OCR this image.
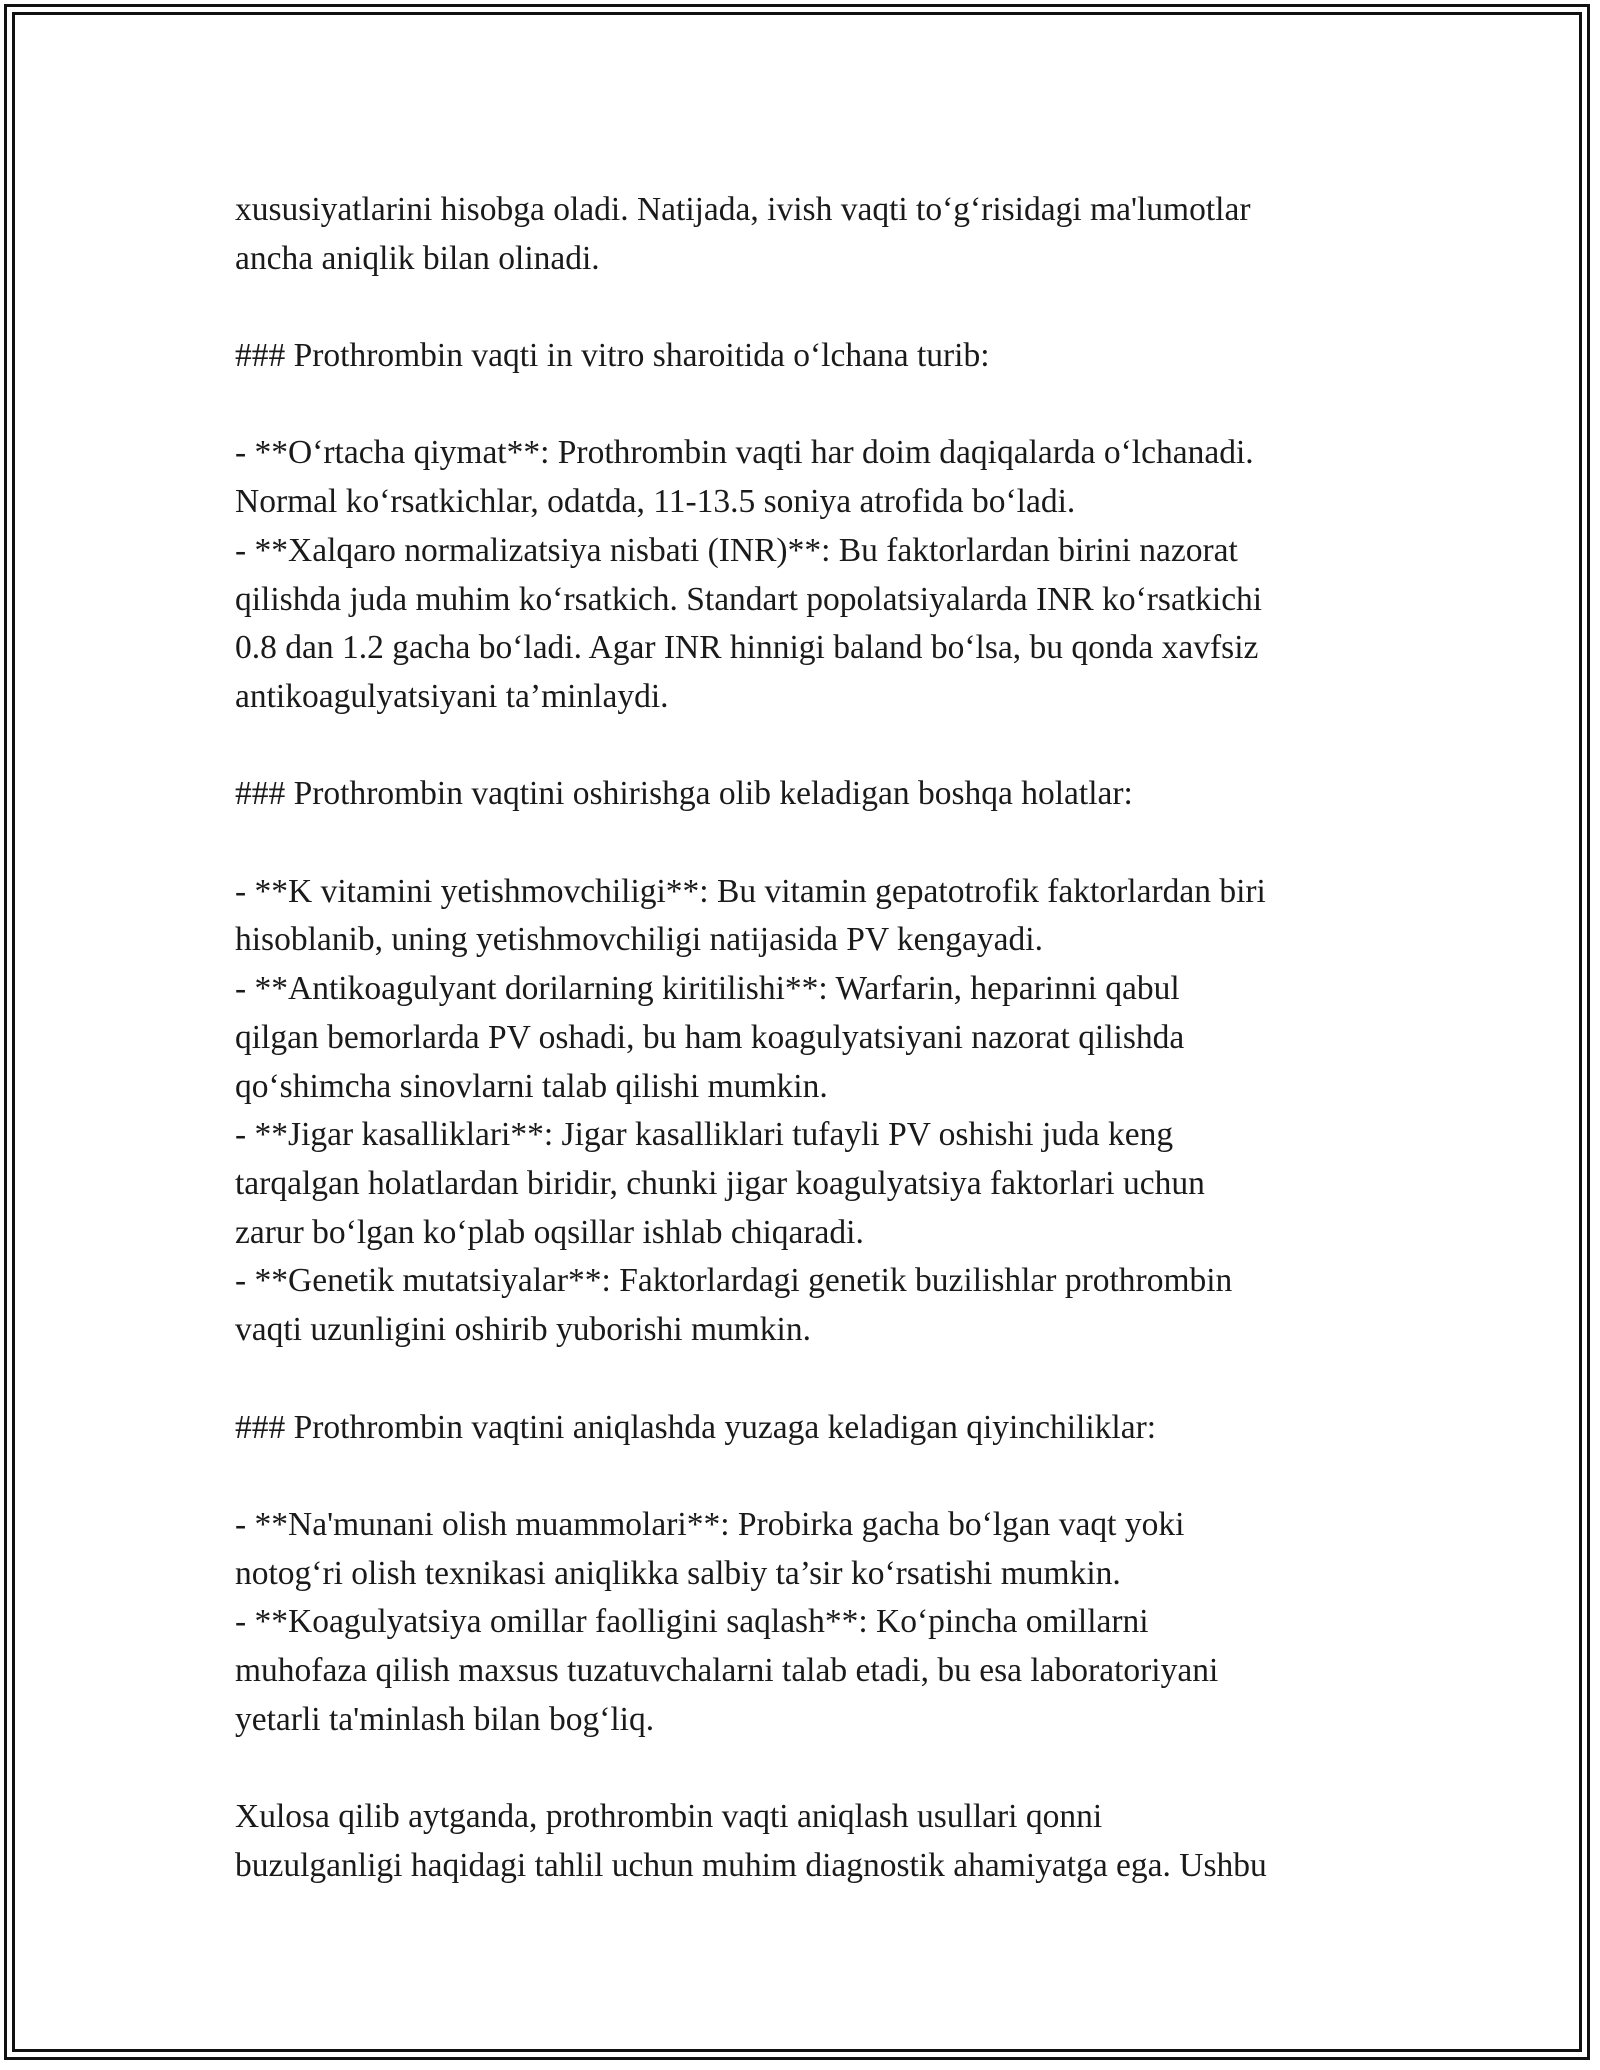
xususiyatlarini hisobga oladi. Natijada, ivish vaqti to‘g‘risidagi ma'lumotlar

ancha aniqlik bilan olinadi.

### Prothrombin vaqti in vitro sharoitida o‘lchana turib:

- **O‘rtacha qiymat**: Prothrombin vaqti har doim daqiqalarda o‘lchanadi.

Normal ko‘rsatkichlar, odatda, 11-13.5 soniya atrofida bo‘ladi.

- **Xalqaro normalizatsiya nisbati (INR)**: Bu faktorlardan birini nazorat

qilishda juda muhim ko‘rsatkich. Standart popolatsiyalarda INR ko‘rsatkichi

0.8 dan 1.2 gacha bo‘ladi. Agar INR hinnigi baland bo‘lsa, bu qonda xavfsiz

antikoagulyatsiyani ta’minlaydi.

### Prothrombin vaqtini oshirishga olib keladigan boshqa holatlar:

- **K vitamini yetishmovchiligi**: Bu vitamin gepatotrofik faktorlardan biri

hisoblanib, uning yetishmovchiligi natijasida PV kengayadi.

- **Antikoagulyant dorilarning kiritilishi**: Warfarin, heparinni qabul

qilgan bemorlarda PV oshadi, bu ham koagulyatsiyani nazorat qilishda

qo‘shimcha sinovlarni talab qilishi mumkin.

- **Jigar kasalliklari**: Jigar kasalliklari tufayli PV oshishi juda keng

tarqalgan holatlardan biridir, chunki jigar koagulyatsiya faktorlari uchun

zarur bo‘lgan ko‘plab oqsillar ishlab chiqaradi.

- **Genetik mutatsiyalar**: Faktorlardagi genetik buzilishlar prothrombin

vaqti uzunligini oshirib yuborishi mumkin.

### Prothrombin vaqtini aniqlashda yuzaga keladigan qiyinchiliklar:

- **Na'munani olish muammolari**: Probirka gacha bo‘lgan vaqt yoki

notog‘ri olish texnikasi aniqlikka salbiy ta’sir ko‘rsatishi mumkin.

- **Koagulyatsiya omillar faolligini saqlash**: Ko‘pincha omillarni

muhofaza qilish maxsus tuzatuvchalarni talab etadi, bu esa laboratoriyani

yetarli ta'minlash bilan bog‘liq.

Xulosa qilib aytganda, prothrombin vaqti aniqlash usullari qonni

buzulganligi haqidagi tahlil uchun muhim diagnostik ahamiyatga ega. Ushbu
